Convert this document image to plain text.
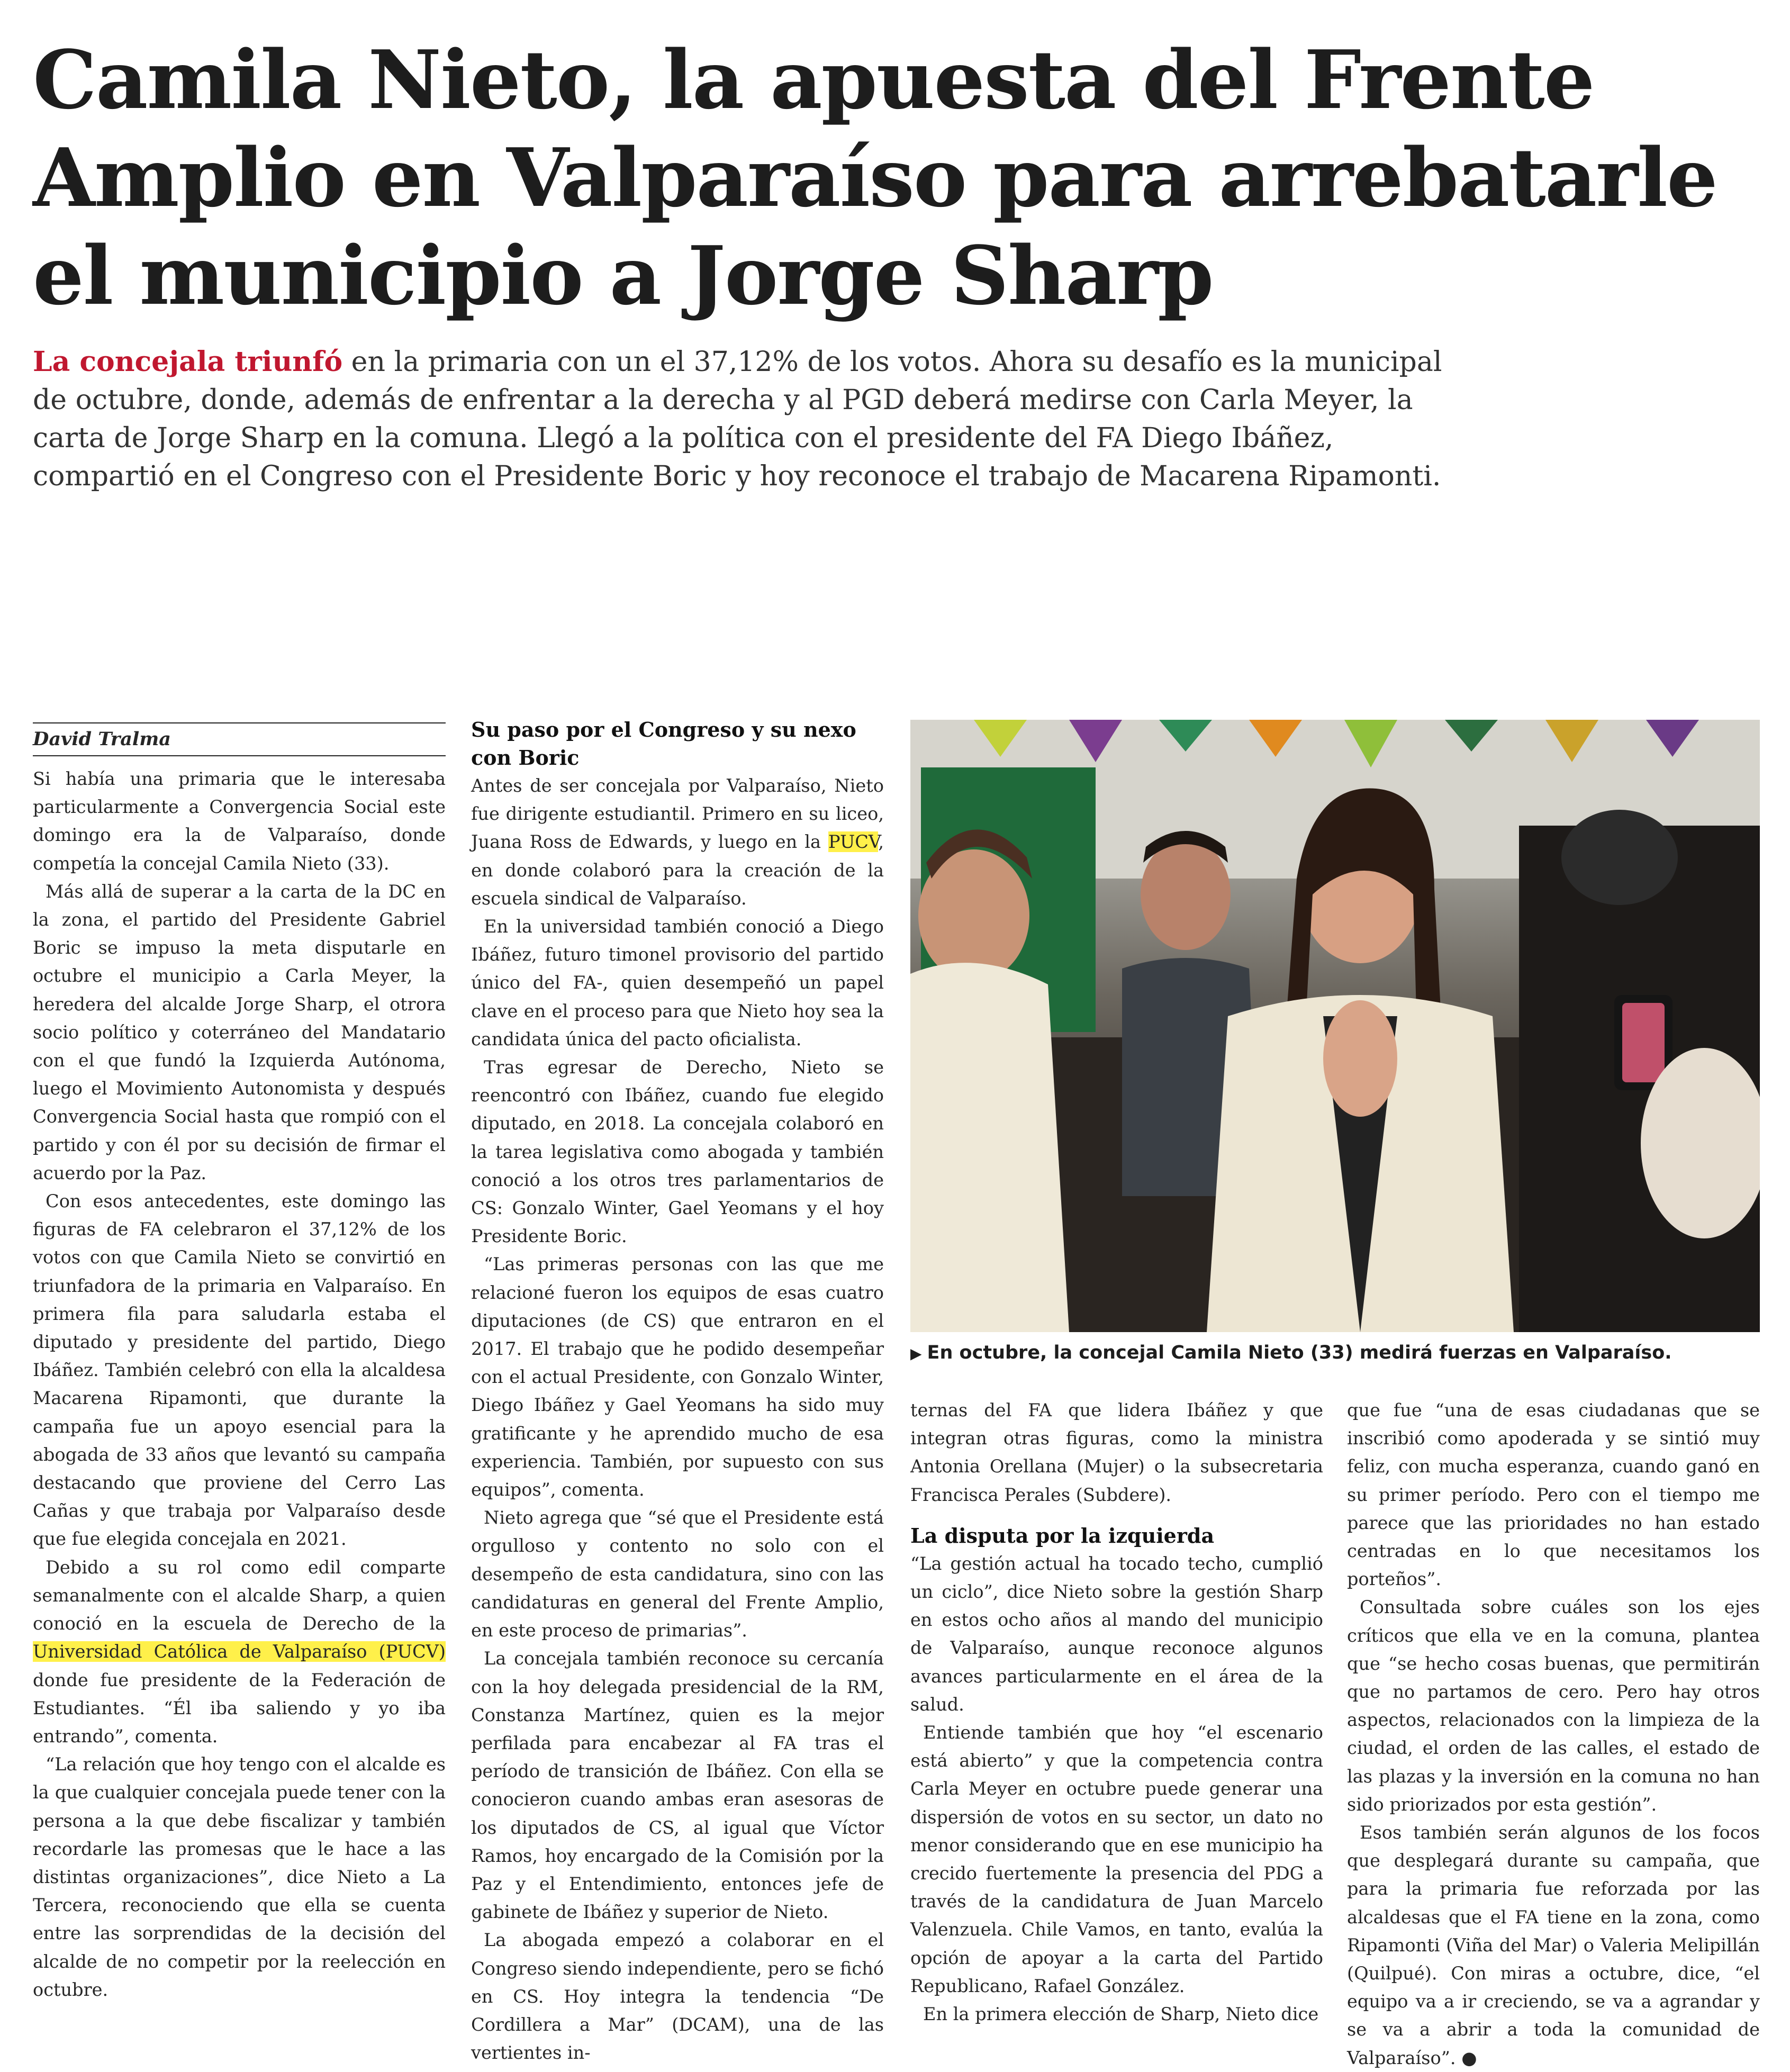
Camila Nieto, la apuesta del Frente Amplio en Valparaíso para arrebatarle el municipio a Jorge Sharp

La concejala triunfó en la primaria con un el 37,12% de los votos. Ahora su desafío es la municipal de octubre, donde, además de enfrentar a la derecha y al PGD deberá medirse con Carla Meyer, la carta de Jorge Sharp en la comuna. Llegó a la política con el presidente del FA Diego Ibáñez, compartió en el Congreso con el Presidente Boric y hoy reconoce el trabajo de Macarena Ripamonti.

David Tralma

Si había una primaria que le interesaba particularmente a Convergencia Social este domingo era la de Valparaíso, donde competía la concejal Camila Nieto (33).

Más allá de superar a la carta de la DC en la zona, el partido del Presidente Gabriel Boric se impuso la meta disputarle en octubre el municipio a Carla Meyer, la heredera del alcalde Jorge Sharp, el otrora socio político y coterráneo del Mandatario con el que fundó la Izquierda Autónoma, luego el Movimiento Autonomista y después Convergencia Social hasta que rompió con el partido y con él por su decisión de firmar el acuerdo por la Paz.

Con esos antecedentes, este domingo las figuras de FA celebraron el 37,12% de los votos con que Camila Nieto se convirtió en triunfadora de la primaria en Valparaíso. En primera fila para saludarla estaba el diputado y presidente del partido, Diego Ibáñez. También celebró con ella la alcaldesa Macarena Ripamonti, que durante la campaña fue un apoyo esencial para la abogada de 33 años que levantó su campaña destacando que proviene del Cerro Las Cañas y que trabaja por Valparaíso desde que fue elegida concejala en 2021.

Debido a su rol como edil comparte semanalmente con el alcalde Sharp, a quien conoció en la escuela de Derecho de la Universidad Católica de Valparaíso (PUCV) donde fue presidente de la Federación de Estudiantes. “Él iba saliendo y yo iba entrando”, comenta.

“La relación que hoy tengo con el alcalde es la que cualquier concejala puede tener con la persona a la que debe fiscalizar y también recordarle las promesas que le hace a las distintas organizaciones”, dice Nieto a La Tercera, reconociendo que ella se cuenta entre las sorprendidas de la decisión del alcalde de no competir por la reelección en octubre.

Su paso por el Congreso y su nexo con Boric

Antes de ser concejala por Valparaíso, Nieto fue dirigente estudiantil. Primero en su liceo, Juana Ross de Edwards, y luego en la PUCV, en donde colaboró para la creación de la escuela sindical de Valparaíso.

En la universidad también conoció a Diego Ibáñez, futuro timonel provisorio del partido único del FA-, quien desempeñó un papel clave en el proceso para que Nieto hoy sea la candidata única del pacto oficialista.

Tras egresar de Derecho, Nieto se reencontró con Ibáñez, cuando fue elegido diputado, en 2018. La concejala colaboró en la tarea legislativa como abogada y también conoció a los otros tres parlamentarios de CS: Gonzalo Winter, Gael Yeomans y el hoy Presidente Boric.

“Las primeras personas con las que me relacioné fueron los equipos de esas cuatro diputaciones (de CS) que entraron en el 2017. El trabajo que he podido desempeñar con el actual Presidente, con Gonzalo Winter, Diego Ibáñez y Gael Yeomans ha sido muy gratificante y he aprendido mucho de esa experiencia. También, por supuesto con sus equipos”, comenta.

Nieto agrega que “sé que el Presidente está orgulloso y contento no solo con el desempeño de esta candidatura, sino con las candidaturas en general del Frente Amplio, en este proceso de primarias”.

La concejala también reconoce su cercanía con la hoy delegada presidencial de la RM, Constanza Martínez, quien es la mejor perfilada para encabezar al FA tras el período de transición de Ibáñez. Con ella se conocieron cuando ambas eran asesoras de los diputados de CS, al igual que Víctor Ramos, hoy encargado de la Comisión por la Paz y el Entendimiento, entonces jefe de gabinete de Ibáñez y superior de Nieto.

La abogada empezó a colaborar en el Congreso siendo independiente, pero se fichó en CS. Hoy integra la tendencia “De Cordillera a Mar” (DCAM), una de las vertientes in-

▶ En octubre, la concejal Camila Nieto (33) medirá fuerzas en Valparaíso.

ternas del FA que lidera Ibáñez y que integran otras figuras, como la ministra Antonia Orellana (Mujer) o la subsecretaria Francisca Perales (Subdere).

La disputa por la izquierda

“La gestión actual ha tocado techo, cumplió un ciclo”, dice Nieto sobre la gestión Sharp en estos ocho años al mando del municipio de Valparaíso, aunque reconoce algunos avances particularmente en el área de la salud.

Entiende también que hoy “el escenario está abierto” y que la competencia contra Carla Meyer en octubre puede generar una dispersión de votos en su sector, un dato no menor considerando que en ese municipio ha crecido fuertemente la presencia del PDG a través de la candidatura de Juan Marcelo Valenzuela. Chile Vamos, en tanto, evalúa la opción de apoyar a la carta del Partido Republicano, Rafael González.

En la primera elección de Sharp, Nieto dice

que fue “una de esas ciudadanas que se inscribió como apoderada y se sintió muy feliz, con mucha esperanza, cuando ganó en su primer período. Pero con el tiempo me parece que las prioridades no han estado centradas en lo que necesitamos los porteños”.

Consultada sobre cuáles son los ejes críticos que ella ve en la comuna, plantea que “se hecho cosas buenas, que permitirán que no partamos de cero. Pero hay otros aspectos, relacionados con la limpieza de la ciudad, el orden de las calles, el estado de las plazas y la inversión en la comuna no han sido priorizados por esta gestión”.

Esos también serán algunos de los focos que desplegará durante su campaña, que para la primaria fue reforzada por las alcaldesas que el FA tiene en la zona, como Ripamonti (Viña del Mar) o Valeria Melipillán (Quilpué). Con miras a octubre, dice, “el equipo va a ir creciendo, se va a agrandar y se va a abrir a toda la comunidad de Valparaíso”. ●
